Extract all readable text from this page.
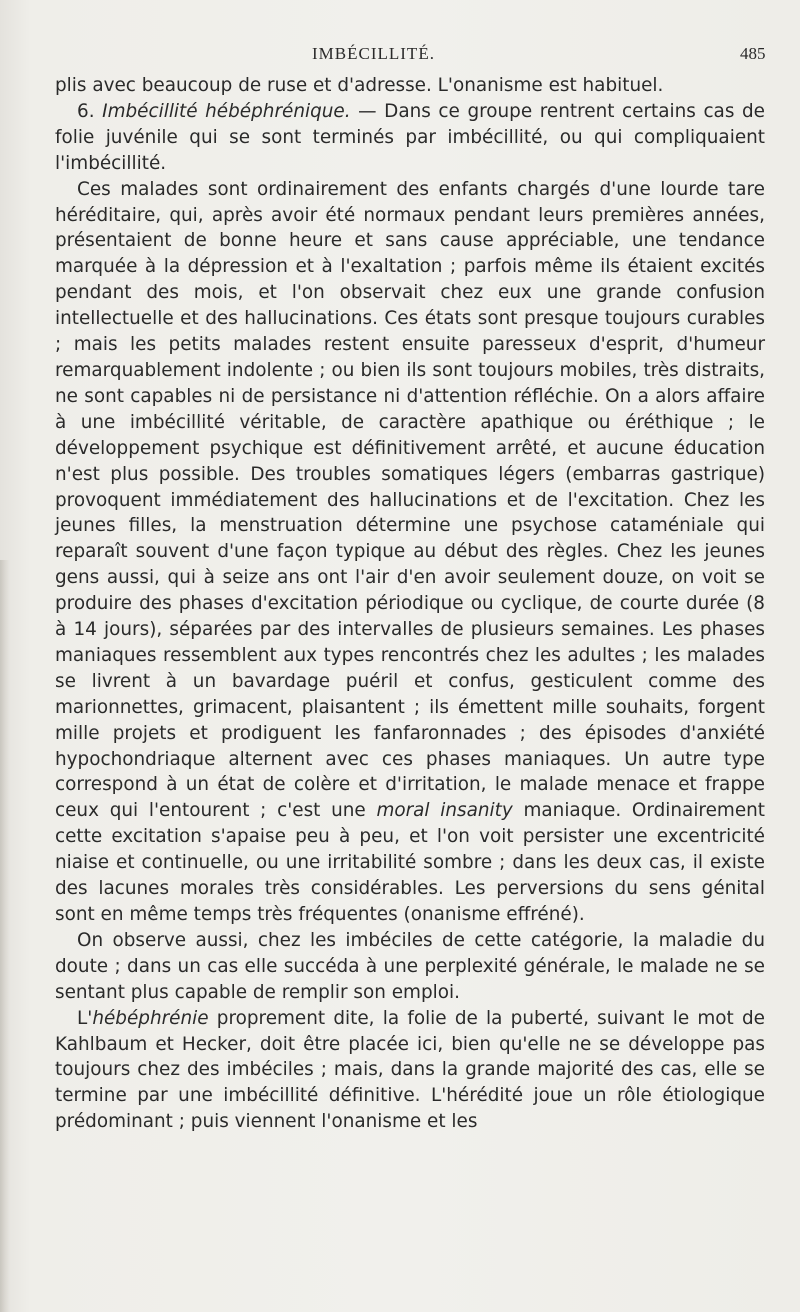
IMBÉCILLITÉ.	485

plis avec beaucoup de ruse et d'adresse. L'onanisme est habituel.

6. Imbécillité hébéphrénique. — Dans ce groupe rentrent certains cas de folie juvénile qui se sont terminés par imbécillité, ou qui compliquaient l'imbécillité.

Ces malades sont ordinairement des enfants chargés d'une lourde tare héréditaire, qui, après avoir été normaux pendant leurs premières années, présentaient de bonne heure et sans cause appréciable, une tendance marquée à la dépression et à l'exaltation ; parfois même ils étaient excités pendant des mois, et l'on observait chez eux une grande confusion intellectuelle et des hallucinations. Ces états sont presque toujours curables ; mais les petits malades restent ensuite paresseux d'esprit, d'humeur remarquablement indolente ; ou bien ils sont toujours mobiles, très distraits, ne sont capables ni de persistance ni d'attention réfléchie. On a alors affaire à une imbécillité véritable, de caractère apathique ou éréthique ; le développement psychique est définitivement arrêté, et aucune éducation n'est plus possible. Des troubles somatiques légers (embarras gastrique) provoquent immédiatement des hallucinations et de l'excitation. Chez les jeunes filles, la menstruation détermine une psychose cataméniale qui reparaît souvent d'une façon typique au début des règles. Chez les jeunes gens aussi, qui à seize ans ont l'air d'en avoir seulement douze, on voit se produire des phases d'excitation périodique ou cyclique, de courte durée (8 à 14 jours), séparées par des intervalles de plusieurs semaines. Les phases maniaques ressemblent aux types rencontrés chez les adultes ; les malades se livrent à un bavardage puéril et confus, gesticulent comme des marionnettes, grimacent, plaisantent ; ils émettent mille souhaits, forgent mille projets et prodiguent les fanfaronnades ; des épisodes d'anxiété hypochondriaque alternent avec ces phases maniaques. Un autre type correspond à un état de colère et d'irritation, le malade menace et frappe ceux qui l'entourent ; c'est une moral insanity maniaque. Ordinairement cette excitation s'apaise peu à peu, et l'on voit persister une excentricité niaise et continuelle, ou une irritabilité sombre ; dans les deux cas, il existe des lacunes morales très considérables. Les perversions du sens génital sont en même temps très fréquentes (onanisme effréné).

On observe aussi, chez les imbéciles de cette catégorie, la maladie du doute ; dans un cas elle succéda à une perplexité générale, le malade ne se sentant plus capable de remplir son emploi.

L'hébéphrénie proprement dite, la folie de la puberté, suivant le mot de Kahlbaum et Hecker, doit être placée ici, bien qu'elle ne se développe pas toujours chez des imbéciles ; mais, dans la grande majorité des cas, elle se termine par une imbécillité définitive. L'hérédité joue un rôle étiologique prédominant ; puis viennent l'onanisme et les
